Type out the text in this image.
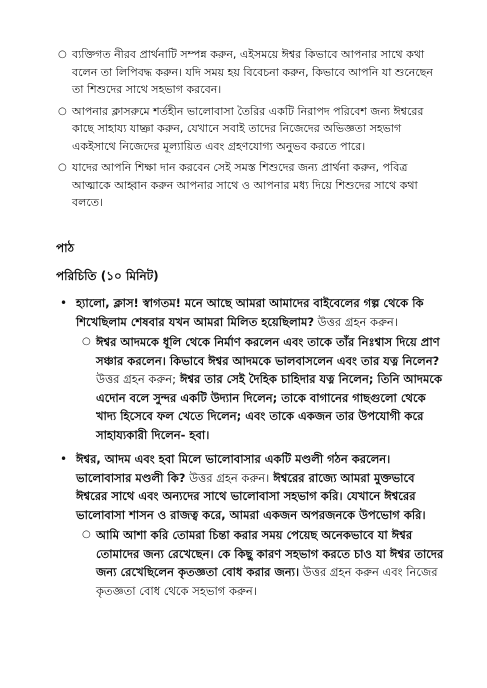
○ ব্যক্তিগত নীরব প্রার্থনাটি সম্পন্ন করুন, এইসময়ে ঈশ্বর কিভাবে আপনার সাথে কথা বলেন তা লিপিবদ্ধ করুন। যদি সময় হয় বিবেচনা করুন, কিভাবে আপনি যা শুনেছেন তা শিশুদের সাথে সহভাগ করবেন।
○ আপনার ক্লাসরুমে শর্তহীন ভালোবাসা তৈরির একটি নিরাপদ পরিবেশ জন্য ঈশ্বরের কাছে সাহায্য যাচ্ঞা করুন, যেখানে সবাই তাদের নিজেদের অভিজ্ঞতা সহভাগ একইসাথে নিজেদের মূল্যায়িত এবং গ্রহণযোগ্য অনুভব করতে পারে।
○ যাদের আপনি শিক্ষা দান করবেন সেই সমস্ত শিশুদের জন্য প্রার্থনা করুন, পবিত্র আত্মাকে আহ্বান করুন আপনার সাথে ও আপনার মধ্য দিয়ে শিশুদের সাথে কথা বলতে।
পাঠ
পরিচিতি (১০ মিনিট)
• হ্যালো, ক্লাস! স্বাগতম! মনে আছে আমরা আমাদের বাইবেলের গল্প থেকে কি শিখেছিলাম শেষবার যখন আমরা মিলিত হয়েছিলাম? উত্তর গ্রহন করুন।
○ ঈশ্বর আদমকে ধূলি থেকে নির্মাণ করলেন এবং তাকে তাঁর নিঃশ্বাস দিয়ে প্রাণ সঞ্চার করলেন। কিভাবে ঈশ্বর আদমকে ভালবাসলেন এবং তার যত্ন নিলেন? উত্তর গ্রহন করুন; ঈশ্বর তার সেই দৈহিক চাহিদার যত্ন নিলেন; তিনি আদমকে এদোন বলে সুন্দর একটি উদ্যান দিলেন; তাকে বাগানের গাছগুলো থেকে খাদ্য হিসেবে ফল খেতে দিলেন; এবং তাকে একজন তার উপযোগী করে সাহায্যকারী দিলেন- হবা।
• ঈশ্বর, আদম এবং হবা মিলে ভালোবাসার একটি মণ্ডলী গঠন করলেন। ভালোবাসার মণ্ডলী কি? উত্তর গ্রহন করুন। ঈশ্বরের রাজ্যে আমরা মুক্তভাবে ঈশ্বরের সাথে এবং অন্যদের সাথে ভালোবাসা সহভাগ করি। যেখানে ঈশ্বরের ভালোবাসা শাসন ও রাজত্ব করে, আমরা একজন অপরজনকে উপভোগ করি।
○ আমি আশা করি তোমরা চিন্তা করার সময় পেয়েছ অনেকভাবে যা ঈশ্বর তোমাদের জন্য রেখেছেন। কে কিছু কারণ সহভাগ করতে চাও যা ঈশ্বর তাদের জন্য রেখেছিলেন কৃতজ্ঞতা বোধ করার জন্য। উত্তর গ্রহন করুন এবং নিজের কৃতজ্ঞতা বোধ থেকে সহভাগ করুন।
